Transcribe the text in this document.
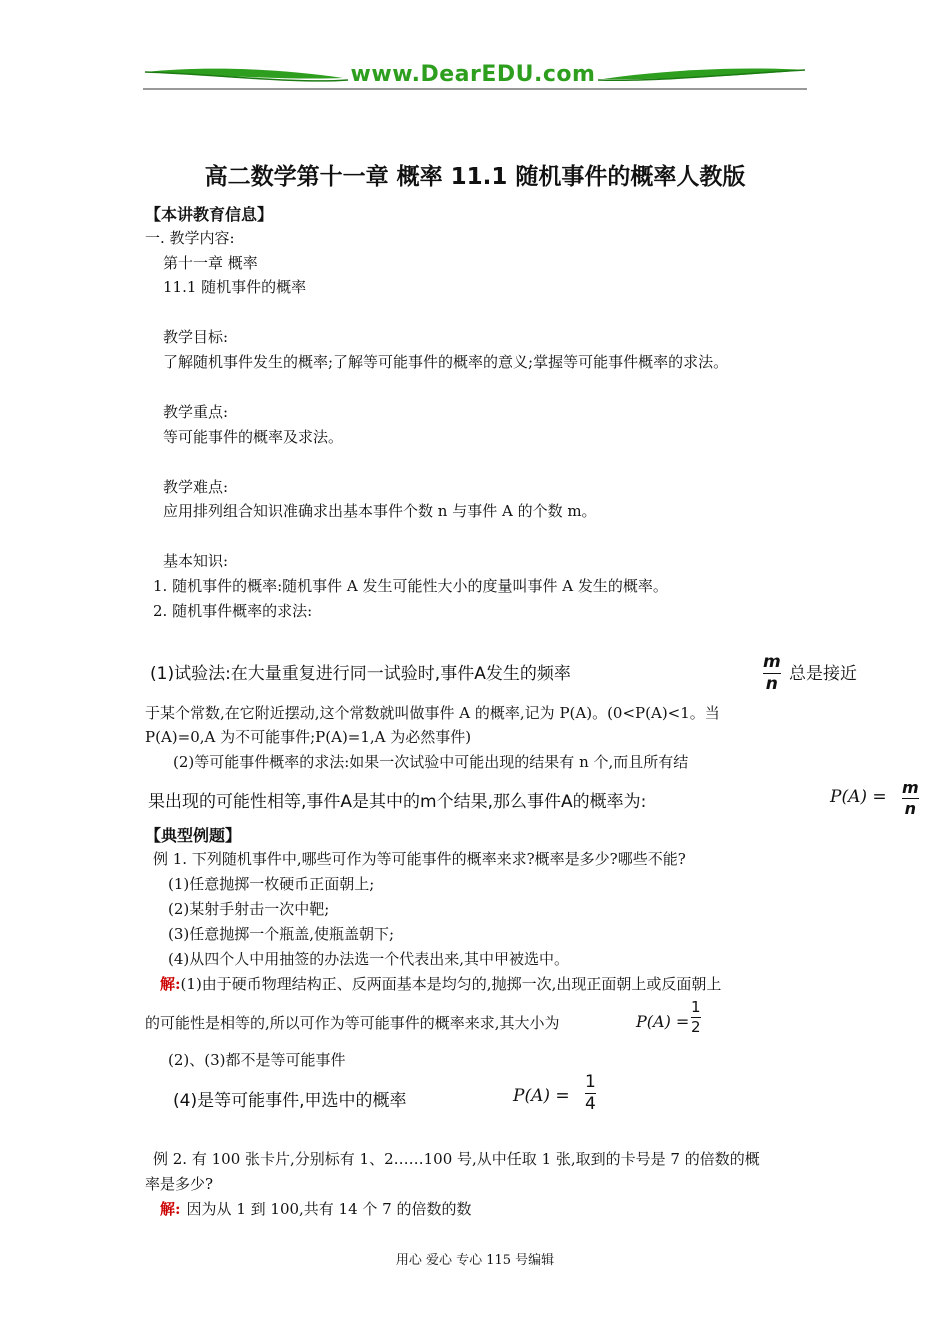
www.DearEDU.com
高二数学第十一章 概率 11.1 随机事件的概率人教版
【本讲教育信息】
一. 教学内容:
第十一章 概率
11.1 随机事件的概率
教学目标:
了解随机事件发生的概率;了解等可能事件的概率的意义;掌握等可能事件概率的求法。
教学重点:
等可能事件的概率及求法。
教学难点:
应用排列组合知识准确求出基本事件个数 n 与事件 A 的个数 m。
基本知识:
1. 随机事件的概率:随机事件 A 发生可能性大小的度量叫事件 A 发生的概率。
2. 随机事件概率的求法:
(1)试验法:在大量重复进行同一试验时,事件A发生的频率
m
n 总是接近
于某个常数,在它附近摆动,这个常数就叫做事件 A 的概率,记为 P(A)。(0<P(A)<1。当
P(A)=0,A 为不可能事件;P(A)=1,A 为必然事件)
(2)等可能事件概率的求法:如果一次试验中可能出现的结果有 n 个,而且所有结
果出现的可能性相等,事件A是其中的m个结果,那么事件A的概率为:	P(A) = m
n
【典型例题】
例 1. 下列随机事件中,哪些可作为等可能事件的概率来求?概率是多少?哪些不能?
(1)任意抛掷一枚硬币正面朝上;
(2)某射手射击一次中靶;
(3)任意抛掷一个瓶盖,使瓶盖朝下;
(4)从四个人中用抽签的办法选一个代表出来,其中甲被选中。
解:(1)由于硬币物理结构正、反两面基本是均匀的,抛掷一次,出现正面朝上或反面朝上
的可能性是相等的,所以可作为等可能事件的概率来求,其大小为	P(A) =
1
2
(2)、(3)都不是等可能事件
(4)是等可能事件,甲选中的概率	P(A) =
1
4
例 2. 有 100 张卡片,分别标有 1、2……100 号,从中任取 1 张,取到的卡号是 7 的倍数的概
率是多少?
解: 因为从 1 到 100,共有 14 个 7 的倍数的数
用心 爱心 专心 115 号编辑
